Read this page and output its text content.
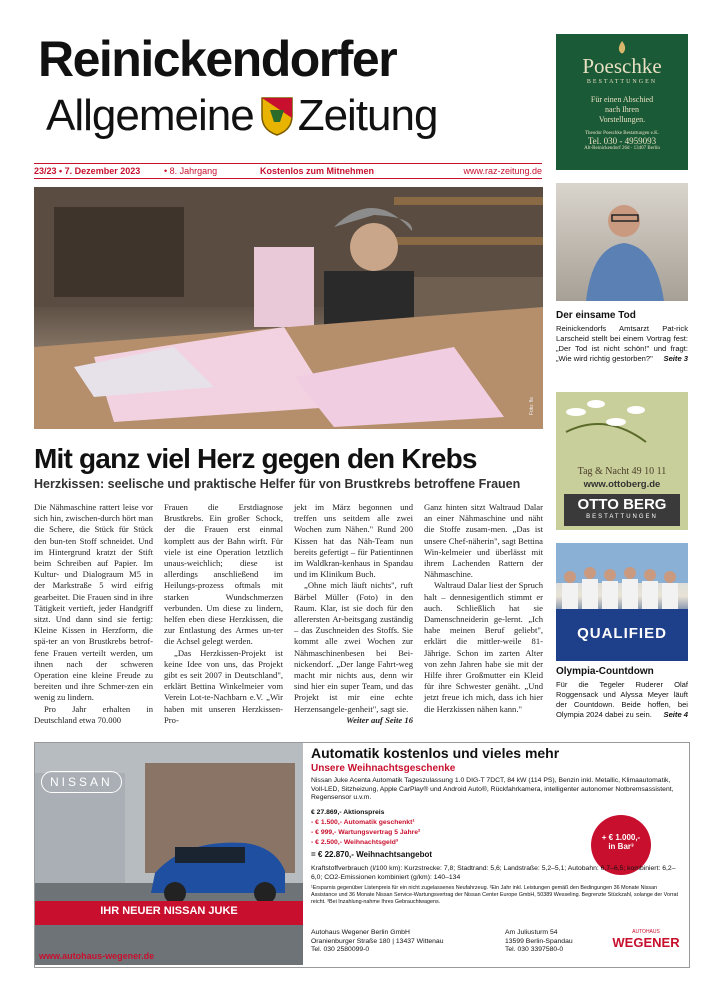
Reinickendorfer
Allgemeine Zeitung
23/23 • 7. Dezember 2023	• 8. Jahrgang	Kostenlos zum Mitnehmen	www.raz-zeitung.de
Poeschke
BESTATTUNGEN
Für einen Abschied
nach Ihren
Vorstellungen.
Theodor Poeschke Bestattungen e.K.
Tel. 030 - 4959093
Alt-Reinickendorf 26d · 13407 Berlin
Foto: fle
Mit ganz viel Herz gegen den Krebs
Herzkissen: seelische und praktische Helfer für von Brustkrebs betroffene Frauen
Die Nähmaschine rattert leise vor sich hin, zwischen-durch hört man die Schere, die Stück für Stück den bun-ten Stoff schneidet. Und im Hintergrund kratzt der Stift beim Schreiben auf Papier. Im Kultur- und Dialograum M5 in der Markstraße 5 wird eifrig gearbeitet. Die Frauen sind in ihre Tätigkeit vertieft, jeder Handgriff sitzt. Und dann sind sie fertig: Kleine Kissen in Herzform, die spä-ter an von Brustkrebs betrof-fene Frauen verteilt werden, um ihnen nach der schweren Operation eine kleine Freude zu bereiten und ihre Schmer-zen ein wenig zu lindern.

Pro Jahr erhalten in Deutschland etwa 70.000
Frauen die Erstdiagnose Brustkrebs. Ein großer Schock, der die Frauen erst einmal komplett aus der Bahn wirft. Für viele ist eine Operation letztlich unaus-weichlich; diese ist allerdings anschließend im Heilungs-prozess oftmals mit starken Wundschmerzen verbunden. Um diese zu lindern, helfen eben diese Herzkissen, die zur Entlastung des Armes un-ter die Achsel gelegt werden.
„Das Herzkissen-Projekt ist keine Idee von uns, das Projekt gibt es seit 2007 in Deutschland", erklärt Bettina Winkelmeier vom Verein Lot-te-Nachbarn e.V. „Wir haben mit unseren Herzkissen-Pro-
jekt im März begonnen und treffen uns seitdem alle zwei Wochen zum Nähen." Rund 200 Kissen hat das Näh-Team nun bereits gefertigt – für Patientinnen im Waldkran-kenhaus in Spandau und im Klinikum Buch.
„Ohne mich läuft nichts", ruft Bärbel Müller (Foto) in den Raum. Klar, ist sie doch für den allerersten Ar-beitsgang zuständig – das Zuschneiden des Stoffs. Sie kommt alle zwei Wochen zur Nähmaschinenbesen bei Bei-nickendorf. „Der lange Fahrt-weg macht mir nichts aus, denn wir sind hier ein super Team, und das Projekt ist mir eine echte Herzensangele-genheit", sagt sie.
Weiter auf Seite 16
Ganz hinten sitzt Waltraud Dalar an einer Nähmaschine und näht die Stoffe zusam-men. „Das ist unsere Chef-näherin", sagt Bettina Win-kelmeier und überlässt mit ihrem Lachenden Rattern der Nähmaschine.
Waltraud Dalar liest der Spruch halt – dennesigentlich stimmt er auch. Schließlich hat sie Damenschneiderin ge-lernt. „Ich habe meinen Beruf geliebt", erklärt die mittler-weile 81-Jährige. Schon im zarten Alter von zehn Jahren habe sie mit der Hilfe ihrer Großmutter ein Kleid für ihre Schwester genäht. „Und jetzt freue ich mich, dass ich hier die Herzkissen nähen kann."
Der einsame Tod
Reinickendorfs Amtsarzt Pat-rick Larscheid stellt bei einem Vortrag fest: „Der Tod ist nicht schön!" und fragt: „Wie wird richtig gestorben?" Seite 3
Tag & Nacht 49 10 11
www.ottoberg.de
OTTO BERG
BESTATTUNGEN
QUALIFIED
Olympia-Countdown
Für die Tegeler Ruderer Olaf Roggensack und Alyssa Meyer läuft der Countdown. Beide hoffen, bei Olympia 2024 dabei zu sein. Seite 4
NISSAN
IHR NEUER NISSAN JUKE
www.autohaus-wegener.de
Automatik kostenlos und vieles mehr
Unsere Weihnachtsgeschenke
Nissan Juke Acenta Automatik Tageszulassung 1.0 DIG-T 7DCT, 84 kW (114 PS), Benzin inkl. Metallic, Klimaautomatik, Voll-LED, Sitzheizung, Apple CarPlay® und Android Auto®, Rückfahrkamera, intelligenter autonomer Notbremsassistent, Regensensor u.v.m.
€ 27.869,- Aktionspreis
- € 1.500,- Automatik geschenkt¹
- € 999,- Wartungsvertrag 5 Jahre²
- € 2.500,- Weihnachtsgeld³
= € 22.870,- Weihnachtsangebot
+ € 1.000,-
in Bar³
Kraftstoffverbrauch (l/100 km): Kurzstrecke: 7,8; Stadtrand: 5,6; Landstraße: 5,2–5,1; Autobahn: 6,7–6,5; kombiniert: 6,2–6,0; CO2-Emissionen kombiniert (g/km): 140–134
¹Ersparnis gegenüber Listenpreis für ein nicht zugelassenes Neufahrzeug. ²Ein Jahr inkl. Leistungen gemäß den Bedingungen 36 Monate Nissan Assistance und 36 Monate Nissan Service-Wartungsvertrag der Nissan Center Europe GmbH, 50389 Wesseling. Begrenzte Stückzahl, solange der Vorrat reicht. ³Bei Inzahlung-nahme Ihres Gebrauchtwagens.
Autohaus Wegener Berlin GmbH
Oranienburger Straße 180 | 13437 Wittenau
Tel. 030 2580099-0
Am Juliusturm 54
13599 Berlin-Spandau
Tel. 030 3397580-0
AUTOHAUS
WEGENER
